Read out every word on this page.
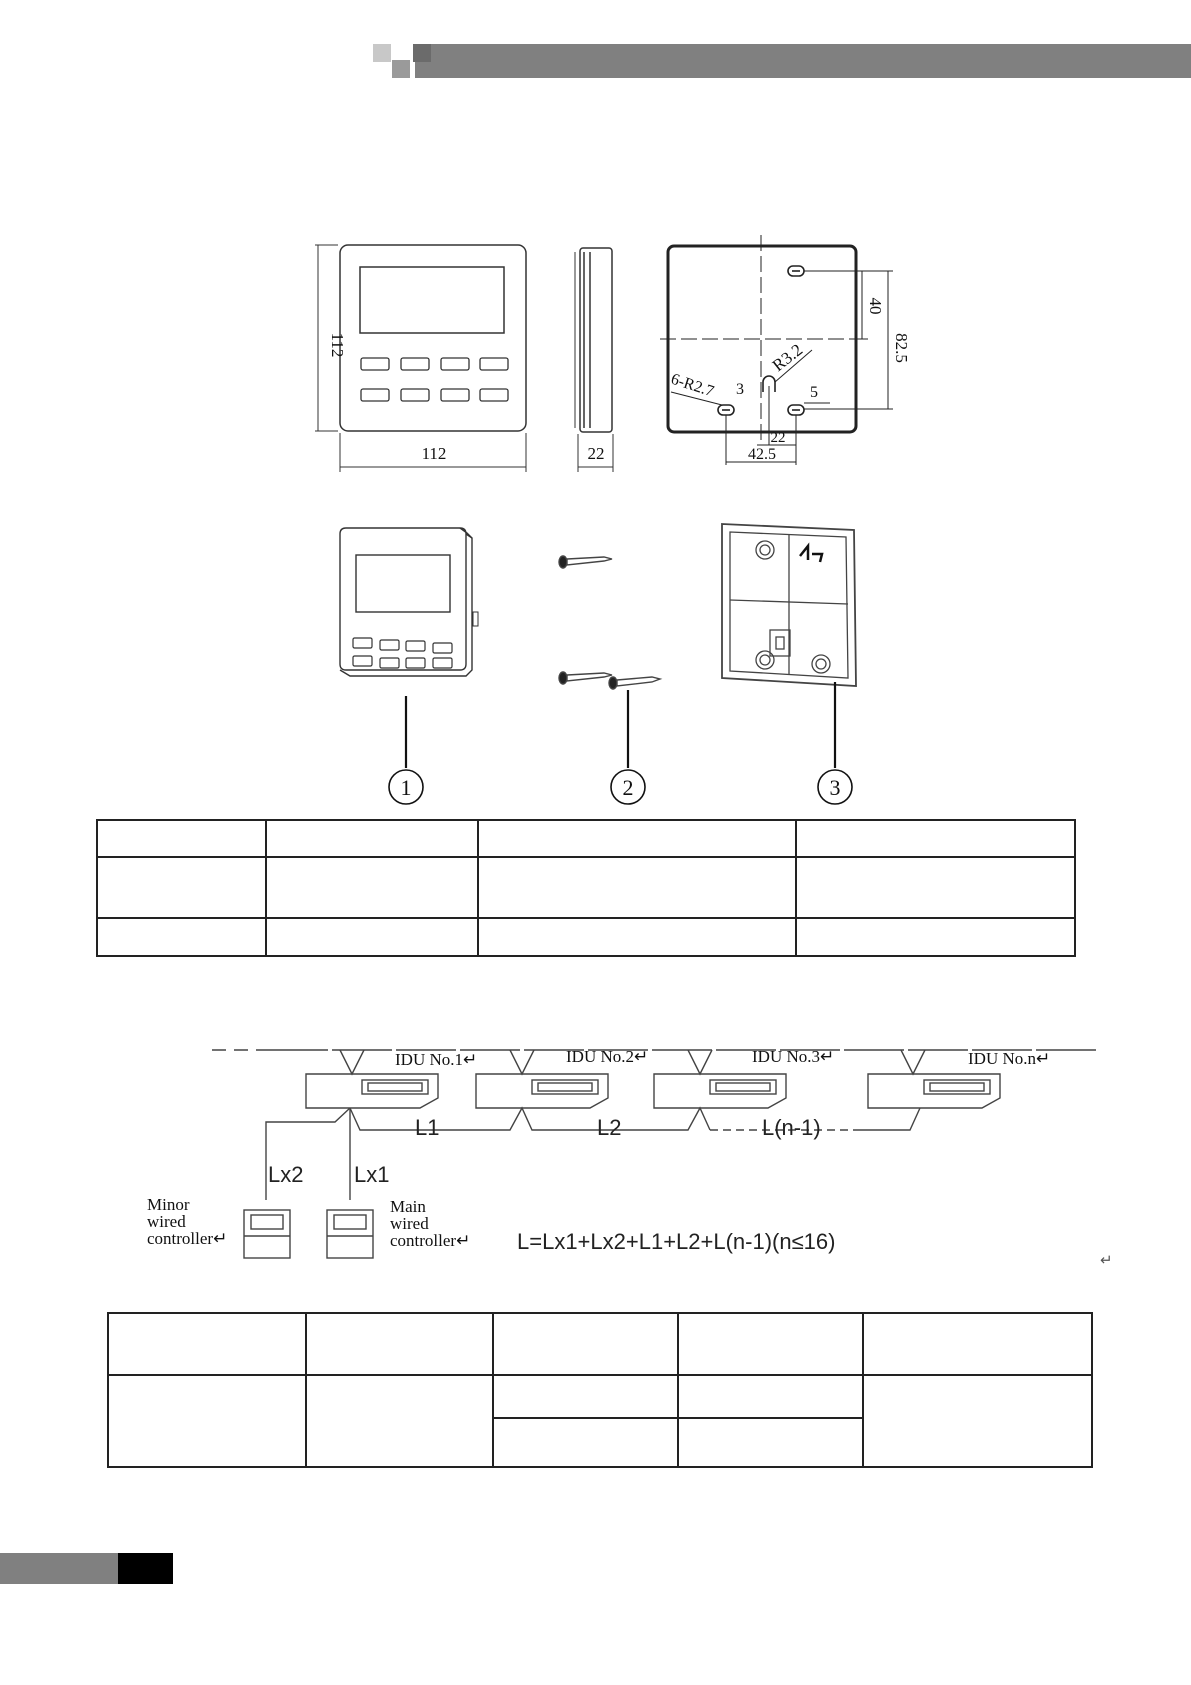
112
112	22
40
82.5
R3.2
6-R2.7 3	5
22
42.5
1	2	3

IDU No.1↵	IDU No.2↵	IDU No.3↵	IDU No.n↵
L1	L2	L(n-1)
Lx2 Lx1
Minor
wired
controller↵
Main
wired
controller↵ L=Lx1+Lx2+L1+L2+L(n-1)(n≤16)
↵
